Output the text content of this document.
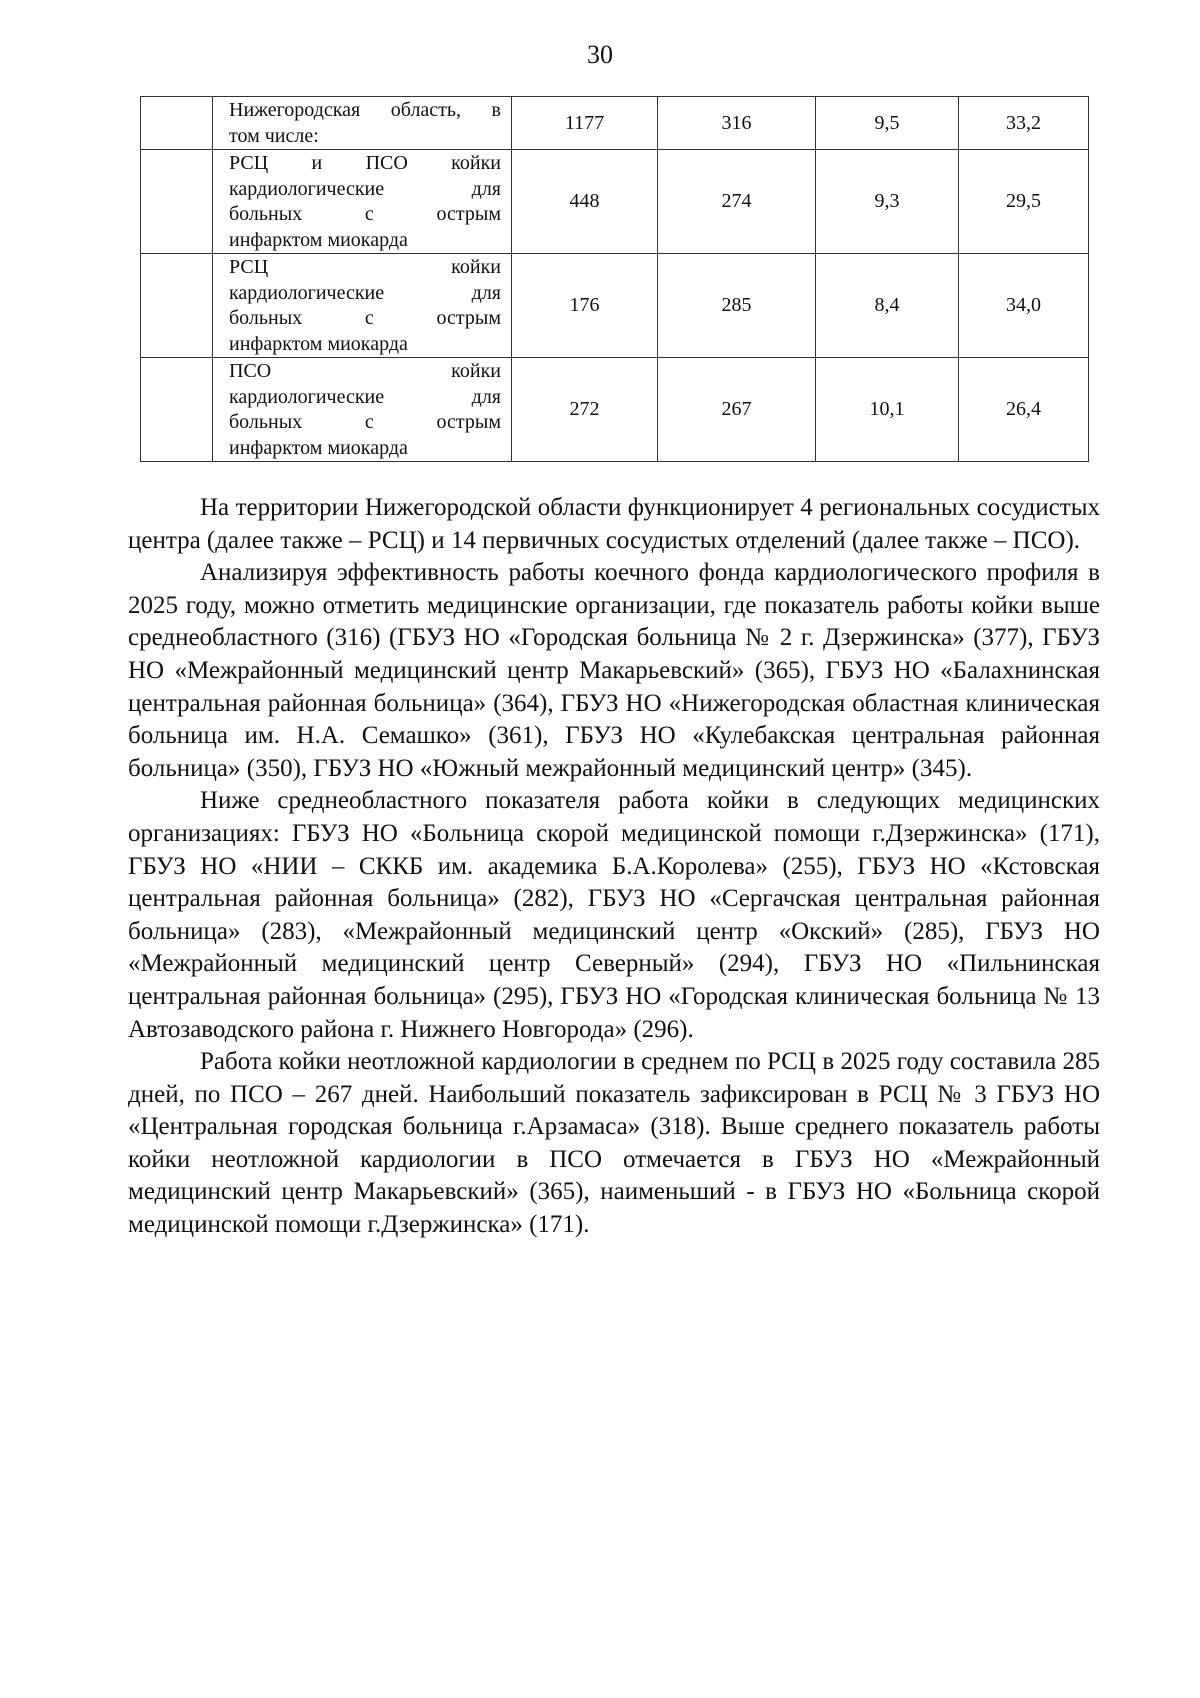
30

	Нижегородская область, в
том числе:	1177	316	9,5	33,2

	РСЦ и ПСО койки
кардиологические для
больных с острым
инфарктом миокарда	448	274	9,3	29,5

	РСЦ койки
кардиологические для
больных с острым
инфарктом миокарда	176	285	8,4	34,0

	ПСО койки
кардиологические для
больных с острым
инфарктом миокарда	272	267	10,1	26,4

На территории Нижегородской области функционирует 4 региональных сосудистых центра (далее также – РСЦ) и 14 первичных сосудистых отделений (далее также – ПСО).

Анализируя эффективность работы коечного фонда кардиологического профиля в 2025 году, можно отметить медицинские организации, где показатель работы койки выше среднеобластного (316) (ГБУЗ НО «Городская больница № 2 г. Дзержинска» (377), ГБУЗ НО «Межрайонный медицинский центр Макарьевский» (365), ГБУЗ НО «Балахнинская центральная районная больница» (364), ГБУЗ НО «Нижегородская областная клиническая больница им. Н.А. Семашко» (361), ГБУЗ НО «Кулебакская центральная районная больница» (350), ГБУЗ НО «Южный межрайонный медицинский центр» (345).

Ниже среднеобластного показателя работа койки в следующих медицинских организациях: ГБУЗ НО «Больница скорой медицинской помощи г.Дзержинска» (171), ГБУЗ НО «НИИ – СККБ им. академика Б.А.Королева» (255), ГБУЗ НО «Кстовская центральная районная больница» (282), ГБУЗ НО «Сергачская центральная районная больница» (283), «Межрайонный медицинский центр «Окский» (285), ГБУЗ НО «Межрайонный медицинский центр Северный» (294), ГБУЗ НО «Пильнинская центральная районная больница» (295), ГБУЗ НО «Городская клиническая больница № 13 Автозаводского района г. Нижнего Новгорода» (296).

Работа койки неотложной кардиологии в среднем по РСЦ в 2025 году составила 285 дней, по ПСО – 267 дней. Наибольший показатель зафиксирован в РСЦ № 3 ГБУЗ НО «Центральная городская больница г.Арзамаса» (318). Выше среднего показатель работы койки неотложной кардиологии в ПСО отмечается в ГБУЗ НО «Межрайонный медицинский центр Макарьевский» (365), наименьший - в ГБУЗ НО «Больница скорой медицинской помощи г.Дзержинска» (171).
